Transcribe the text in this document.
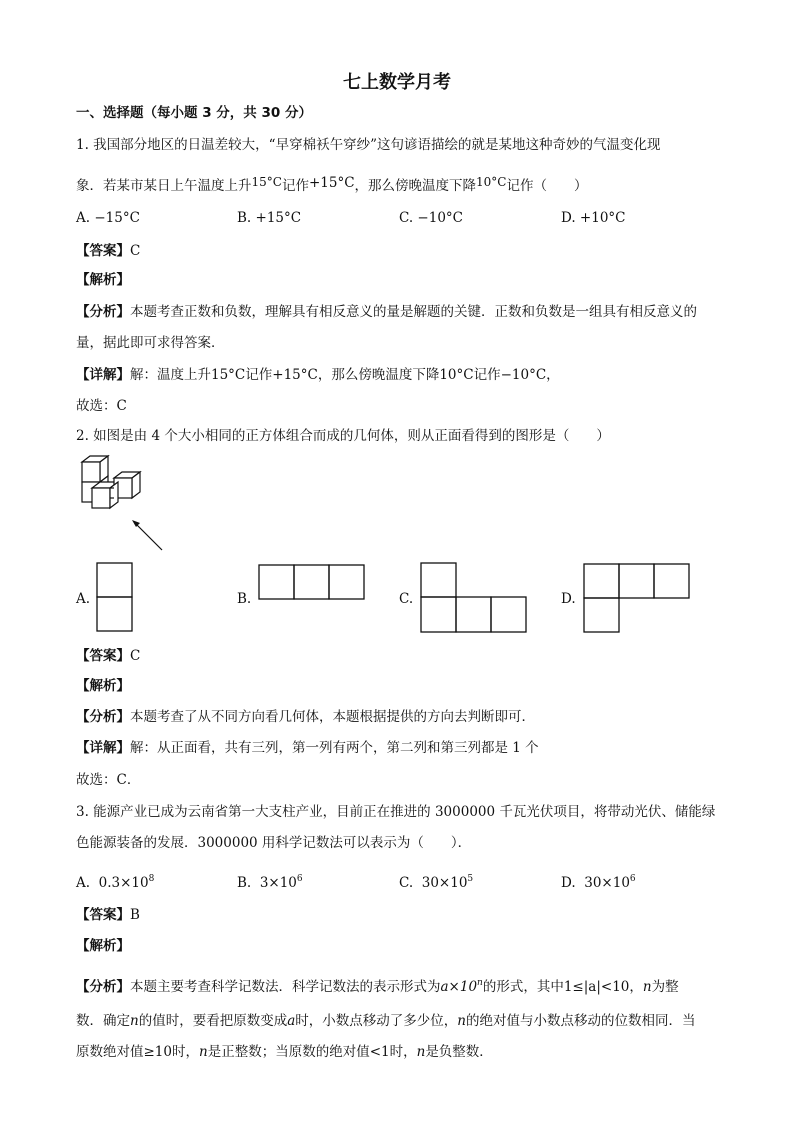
七上数学月考
一、选择题（每小题 3 分，共 30 分）
1. 我国部分地区的日温差较大，“早穿棉袄午穿纱”这句谚语描绘的就是某地这种奇妙的气温变化现
象．若某市某日上午温度上升15°C记作+15°C，那么傍晚温度下降10°C记作（　　）
A. −15°C	B. +15°C	C. −10°C	D. +10°C
【答案】C
【解析】
【分析】本题考查正数和负数，理解具有相反意义的量是解题的关键．正数和负数是一组具有相反意义的
量，据此即可求得答案．
【详解】解：温度上升15°C记作+15°C，那么傍晚温度下降10°C记作−10°C，
故选：C
2. 如图是由 4 个大小相同的正方体组合而成的几何体，则从正面看得到的图形是（　　）
A.	B.	C.	D.
【答案】C
【解析】
【分析】本题考查了从不同方向看几何体，本题根据提供的方向去判断即可．
【详解】解：从正面看，共有三列，第一列有两个，第二列和第三列都是 1 个
故选：C．
3. 能源产业已成为云南省第一大支柱产业，目前正在推进的 3000000 千瓦光伏项目，将带动光伏、储能绿
色能源装备的发展．3000000 用科学记数法可以表示为（　　）．
A. $0.3\times 10^8$	B. $3\times 10^6$	C. $30\times 10^5$	D. $30\times 10^6$
【答案】B
【解析】
【分析】本题主要考查科学记数法．科学记数法的表示形式为$a\times 10^n$的形式，其中1≤|a|<10，n为整
数．确定n的值时，要看把原数变成a时，小数点移动了多少位，n的绝对值与小数点移动的位数相同．当
原数绝对值≥10时，n是正整数；当原数的绝对值<1时，n是负整数．
